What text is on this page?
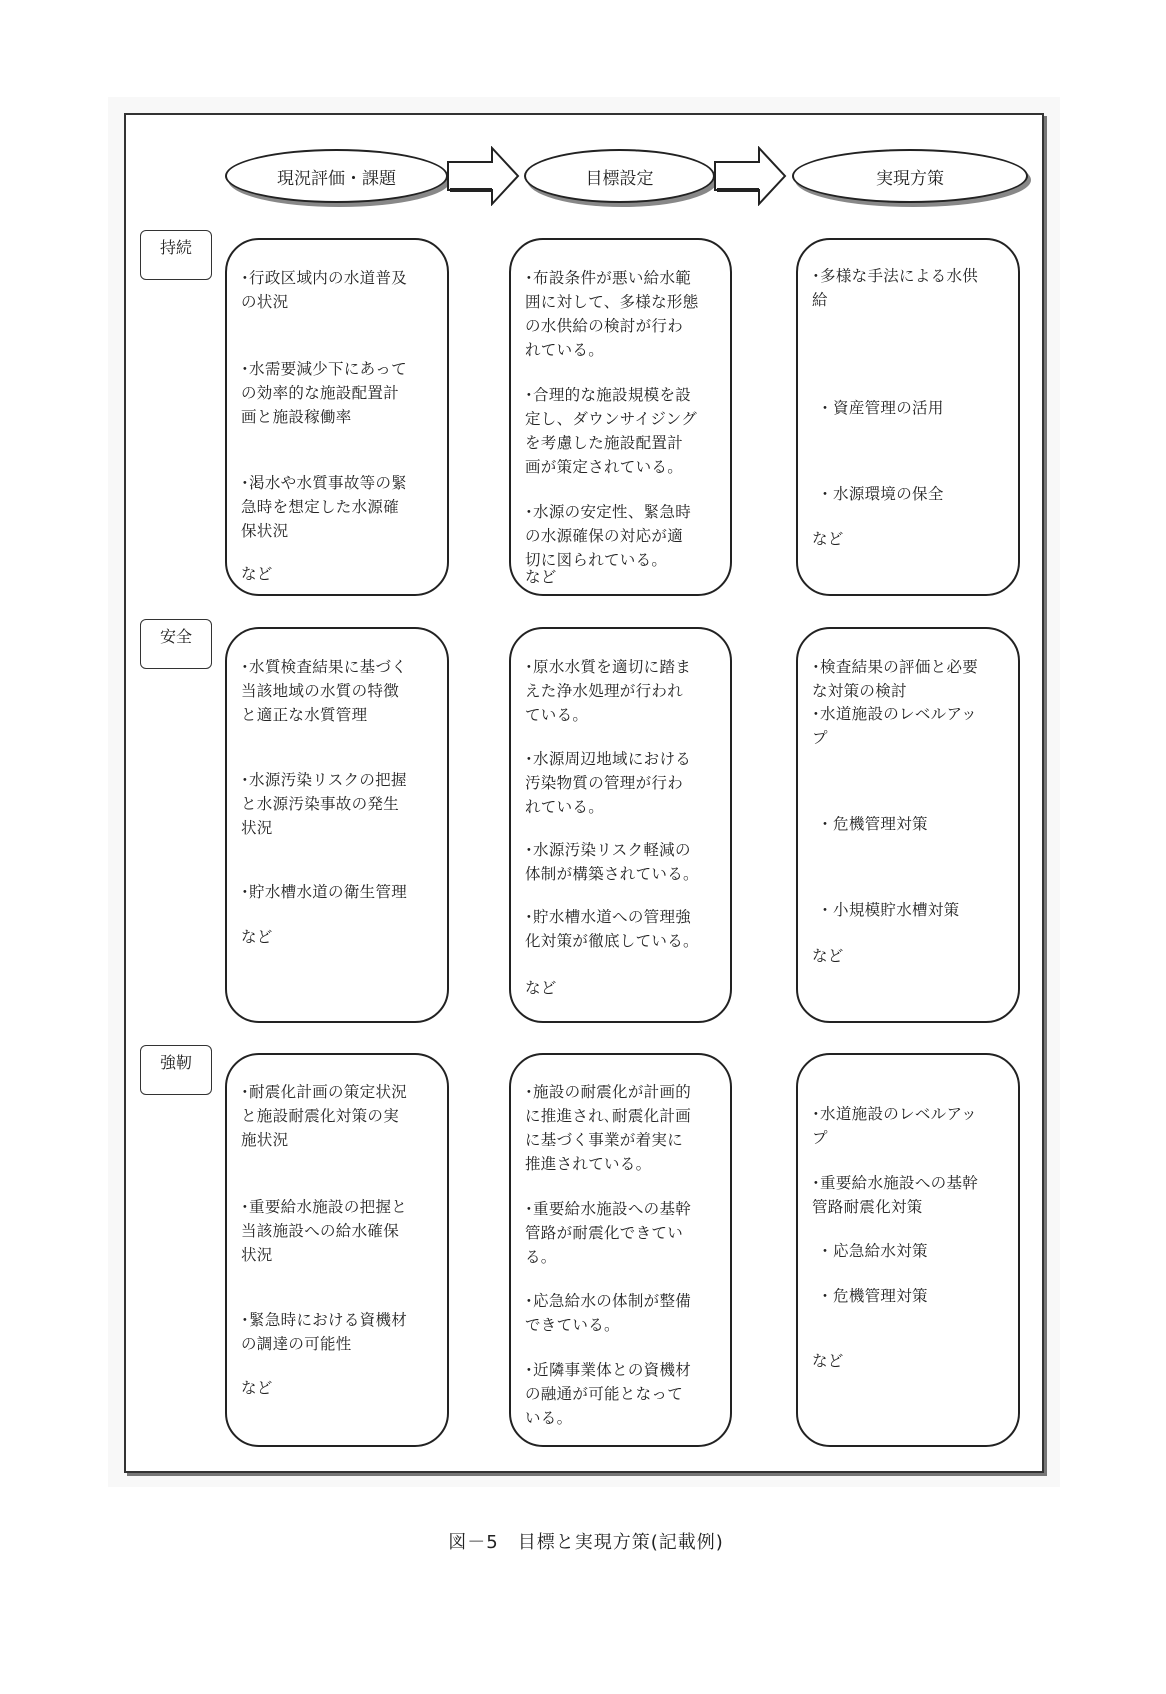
現況評価・課題	目標設定	実現方策
持続
安全
強靭
･行政区域内の水道普及
の状況
･水需要減少下にあって
の効率的な施設配置計
画と施設稼働率
･渇水や水質事故等の緊
急時を想定した水源確
保状況
など
･布設条件が悪い給水範
囲に対して、多様な形態
の水供給の検討が行わ
れている。
･合理的な施設規模を設
定し、ダウンサイジング
を考慮した施設配置計
画が策定されている。
･水源の安定性、緊急時
の水源確保の対応が適
切に図られている。
など
･多様な手法による水供
給
・資産管理の活用
・水源環境の保全
など
･水質検査結果に基づく
当該地域の水質の特徴
と適正な水質管理
･水源汚染リスクの把握
と水源汚染事故の発生
状況
･貯水槽水道の衛生管理
など
･原水水質を適切に踏ま
えた浄水処理が行われ
ている。
･水源周辺地域における
汚染物質の管理が行わ
れている。
･水源汚染リスク軽減の
体制が構築されている。
･貯水槽水道への管理強
化対策が徹底している。
など
･検査結果の評価と必要
な対策の検討
･水道施設のレベルアッ
プ
・危機管理対策
・小規模貯水槽対策
など
･耐震化計画の策定状況
と施設耐震化対策の実
施状況
･重要給水施設の把握と
当該施設への給水確保
状況
･緊急時における資機材
の調達の可能性
など
･施設の耐震化が計画的
に推進され､耐震化計画
に基づく事業が着実に
推進されている。
･重要給水施設への基幹
管路が耐震化できてい
る。
･応急給水の体制が整備
できている。
･近隣事業体との資機材
の融通が可能となって
いる。
･水道施設のレベルアッ
プ
･重要給水施設への基幹
管路耐震化対策
・応急給水対策
・危機管理対策
など
図－5　目標と実現方策(記載例)
